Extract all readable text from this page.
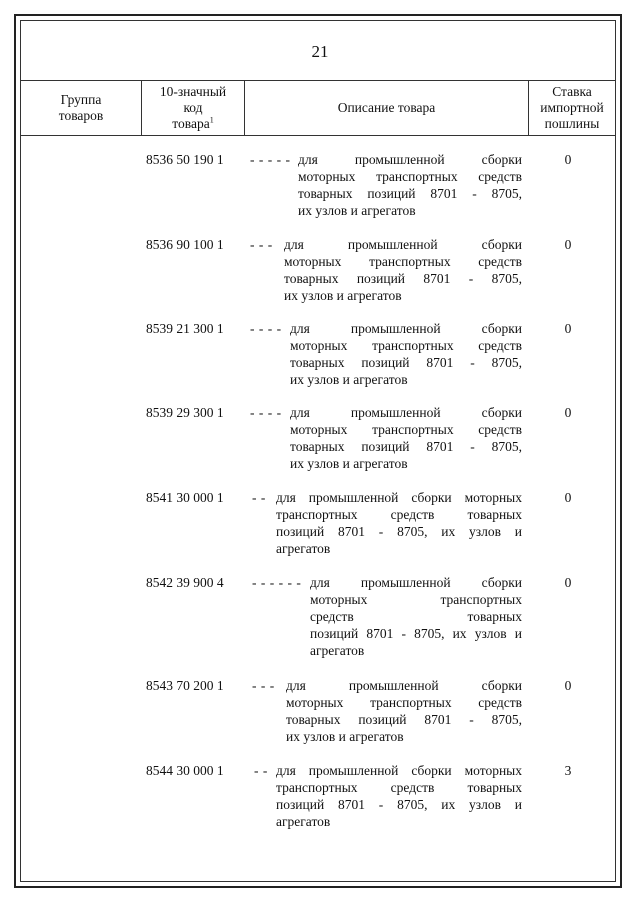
21
Группа
товаров
10-значный
код
товара$^1$
Описание товара
Ставка
импортной
пошлины
8536 50 190 1 - - - - - для промышленной сборки
моторных транспортных средств
товарных позиций 8701 - 8705,
их узлов и агрегатов
0
8536 90 100 1 - - - для промышленной сборки
моторных транспортных средств
товарных позиций 8701 - 8705,
их узлов и агрегатов
0
8539 21 300 1 - - - - для промышленной сборки
моторных транспортных средств
товарных позиций 8701 - 8705,
их узлов и агрегатов
0
8539 29 300 1 - - - - для промышленной сборки
моторных транспортных средств
товарных позиций 8701 - 8705,
их узлов и агрегатов
0
8541 30 000 1 - - для промышленной сборки моторных
транспортных средств товарных
позиций 8701 - 8705, их узлов и
агрегатов
0
8542 39 900 4 - - - - - - для промышленной сборки
моторных транспортных
средств товарных
позиций 8701 - 8705, их узлов и
агрегатов
0
8543 70 200 1 - - - для промышленной сборки
моторных транспортных средств
товарных позиций 8701 - 8705,
их узлов и агрегатов
0
8544 30 000 1 - - для промышленной сборки моторных
транспортных средств товарных
позиций 8701 - 8705, их узлов и
агрегатов
3
